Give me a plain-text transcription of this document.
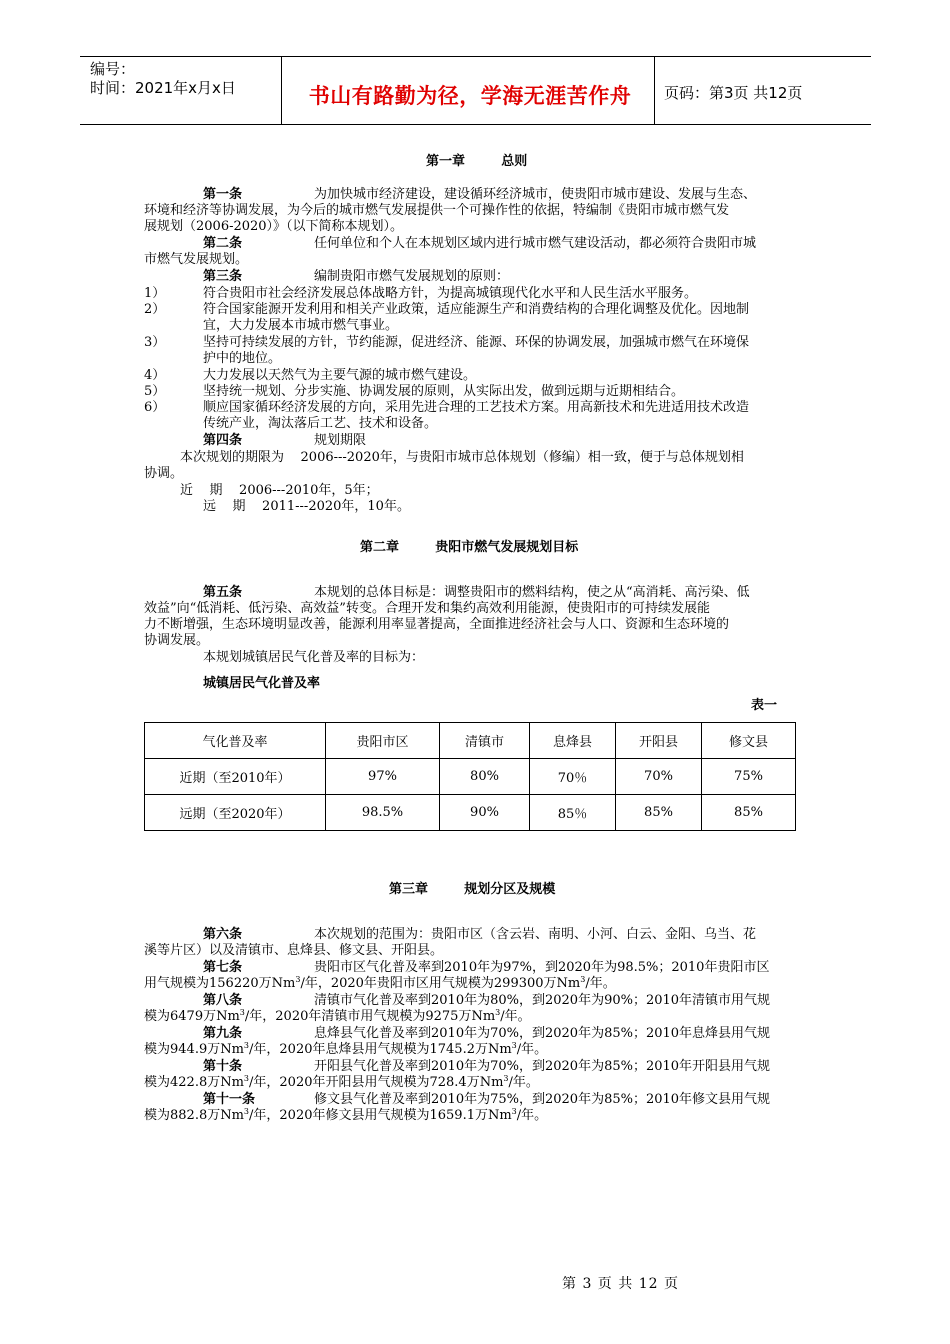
编号：
时间：2021年x月x日	书山有路勤为径，学海无涯苦作舟	页码：第3页 共12页
第一章        总则
第一条	为加快城市经济建设，建设循环经济城市，使贵阳市城市建设、发展与生态、
环境和经济等协调发展，为今后的城市燃气发展提供一个可操作性的依据，特编制《贵阳市城市燃气发
展规划（2006-2020）》（以下简称本规划）。
第二条	任何单位和个人在本规划区域内进行城市燃气建设活动，都必须符合贵阳市城
市燃气发展规划。
第三条	编制贵阳市燃气发展规划的原则：
1）	符合贵阳市社会经济发展总体战略方针，为提高城镇现代化水平和人民生活水平服务。
2）	符合国家能源开发利用和相关产业政策，适应能源生产和消费结构的合理化调整及优化。因地制
宜，大力发展本市城市燃气事业。
3）	坚持可持续发展的方针，节约能源，促进经济、能源、环保的协调发展，加强城市燃气在环境保
护中的地位。
4）	大力发展以天然气为主要气源的城市燃气建设。
5）	坚持统一规划、分步实施、协调发展的原则，从实际出发，做到远期与近期相结合。
6）	顺应国家循环经济发展的方向，采用先进合理的工艺技术方案。用高新技术和先进适用技术改造
传统产业，淘汰落后工艺、技术和设备。
第四条	规划期限
本次规划的期限为    2006---2020年，与贵阳市城市总体规划（修编）相一致，便于与总体规划相
协调。
近    期    2006---2010年，5年；
远    期    2011---2020年，10年。
第二章        贵阳市燃气发展规划目标
第五条	本规划的总体目标是：调整贵阳市的燃料结构，使之从“高消耗、高污染、低
效益”向“低消耗、低污染、高效益”转变。合理开发和集约高效利用能源，使贵阳市的可持续发展能
力不断增强，生态环境明显改善，能源利用率显著提高，全面推进经济社会与人口、资源和生态环境的
协调发展。
本规划城镇居民气化普及率的目标为：
城镇居民气化普及率
表一
气化普及率	贵阳市区	清镇市	息烽县	开阳县	修文县
近期（至2010年）	97%	80%	70％	70%	75%
远期（至2020年）	98.5%	90%	85％	85%	85%
第三章        规划分区及规模
第六条	本次规划的范围为：贵阳市区（含云岩、南明、小河、白云、金阳、乌当、花
溪等片区）以及清镇市、息烽县、修文县、开阳县。
第七条	贵阳市区气化普及率到2010年为97%，到2020年为98.5%；2010年贵阳市区
用气规模为156220万Nm$^3$/年，2020年贵阳市区用气规模为299300万Nm$^3$/年。
第八条	清镇市气化普及率到2010年为80%，到2020年为90%；2010年清镇市用气规
模为6479万Nm$^3$/年，2020年清镇市用气规模为9275万Nm$^3$/年。
第九条	息烽县气化普及率到2010年为70%，到2020年为85%；2010年息烽县用气规
模为944.9万Nm$^3$/年，2020年息烽县用气规模为1745.2万Nm$^3$/年。
第十条	开阳县气化普及率到2010年为70%，到2020年为85%；2010年开阳县用气规
模为422.8万Nm$^3$/年，2020年开阳县用气规模为728.4万Nm$^3$/年。
第十一条	修文县气化普及率到2010年为75%，到2020年为85%；2010年修文县用气规
模为882.8万Nm$^3$/年，2020年修文县用气规模为1659.1万Nm$^3$/年。
第 3 页 共 12 页
